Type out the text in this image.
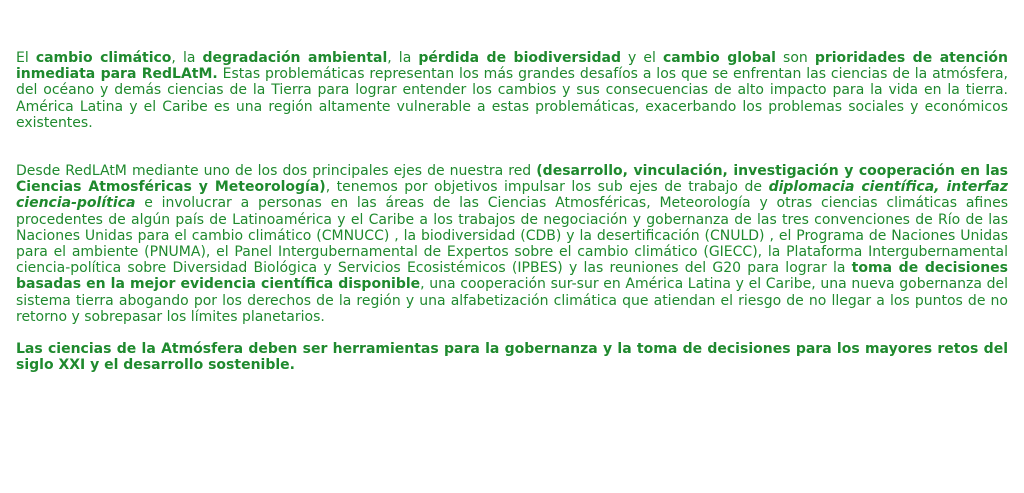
El cambio climático, la degradación ambiental, la pérdida de biodiversidad y el cambio global son prioridades de atención inmediata para RedLAtM. Estas problemáticas representan los más grandes desafíos a los que se enfrentan las ciencias de la atmósfera, del océano y demás ciencias de la Tierra para lograr entender los cambios y sus consecuencias de alto impacto para la vida en la tierra. América Latina y el Caribe es una región altamente vulnerable a estas problemáticas, exacerbando los problemas sociales y económicos existentes.

Desde RedLAtM mediante uno de los dos principales ejes de nuestra red (desarrollo, vinculación, investigación y cooperación en las Ciencias Atmosféricas y Meteorología), tenemos por objetivos impulsar los sub ejes de trabajo de diplomacia científica, interfaz ciencia-política e involucrar a personas en las áreas de las Ciencias Atmosféricas, Meteorología y otras ciencias climáticas afines procedentes de algún país de Latinoamérica y el Caribe a los trabajos de negociación y gobernanza de las tres convenciones de Río de las Naciones Unidas para el cambio climático (CMNUCC) , la biodiversidad (CDB) y la desertificación (CNULD) , el Programa de Naciones Unidas para el ambiente (PNUMA), el Panel Intergubernamental de Expertos sobre el cambio climático (GIECC), la Plataforma Intergubernamental ciencia-política sobre Diversidad Biológica y Servicios Ecosistémicos (IPBES) y las reuniones del G20 para lograr la toma de decisiones basadas en la mejor evidencia científica disponible, una cooperación sur-sur en América Latina y el Caribe, una nueva gobernanza del sistema tierra abogando por los derechos de la región y una alfabetización climática que atiendan el riesgo de no llegar a los puntos de no retorno y sobrepasar los límites planetarios.

Las ciencias de la Atmósfera deben ser herramientas para la gobernanza y la toma de decisiones para los mayores retos del siglo XXI y el desarrollo sostenible.
